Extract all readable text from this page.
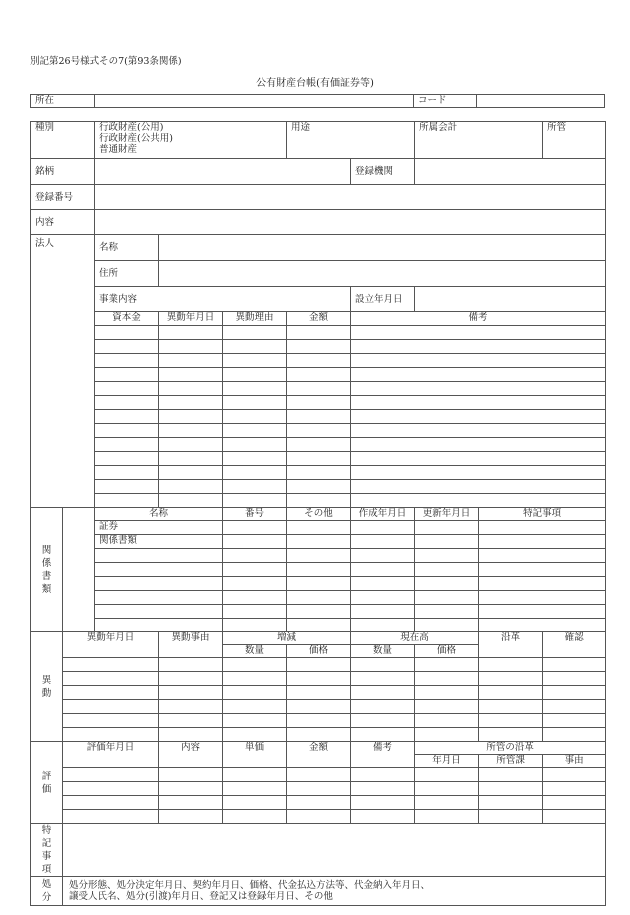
別記第26号様式その7(第93条関係)
公有財産台帳(有価証券等)
所在		コード	
種別		行政財産(公用)
行政財産(公共用)
普通財産			用途		所属会計		所管
銘柄						登録機関			
登録番号									
内容									
法人		名称							
		住所							
		事業内容				設立年月日			
		資本金	異動年月日	異動理由	金額	備考			

関係書類		名称		番号	その他	作成年月日	更新年月日	特記事項	
		証券							
		関係書類							

異動	異動年月日		異動事由	増減		現在高		沿革	確認
				数量	価格	数量	価格		

評価	評価年月日		内容	単価	金額	備考	所管の沿革		
							年月日	所管課	事由

特記事項									

処分	処分形態、処分決定年月日、契約年月日、価格、代金払込方法等、代金納入年月日、
譲受人氏名、処分(引渡)年月日、登記又は登録年月日、その他								
